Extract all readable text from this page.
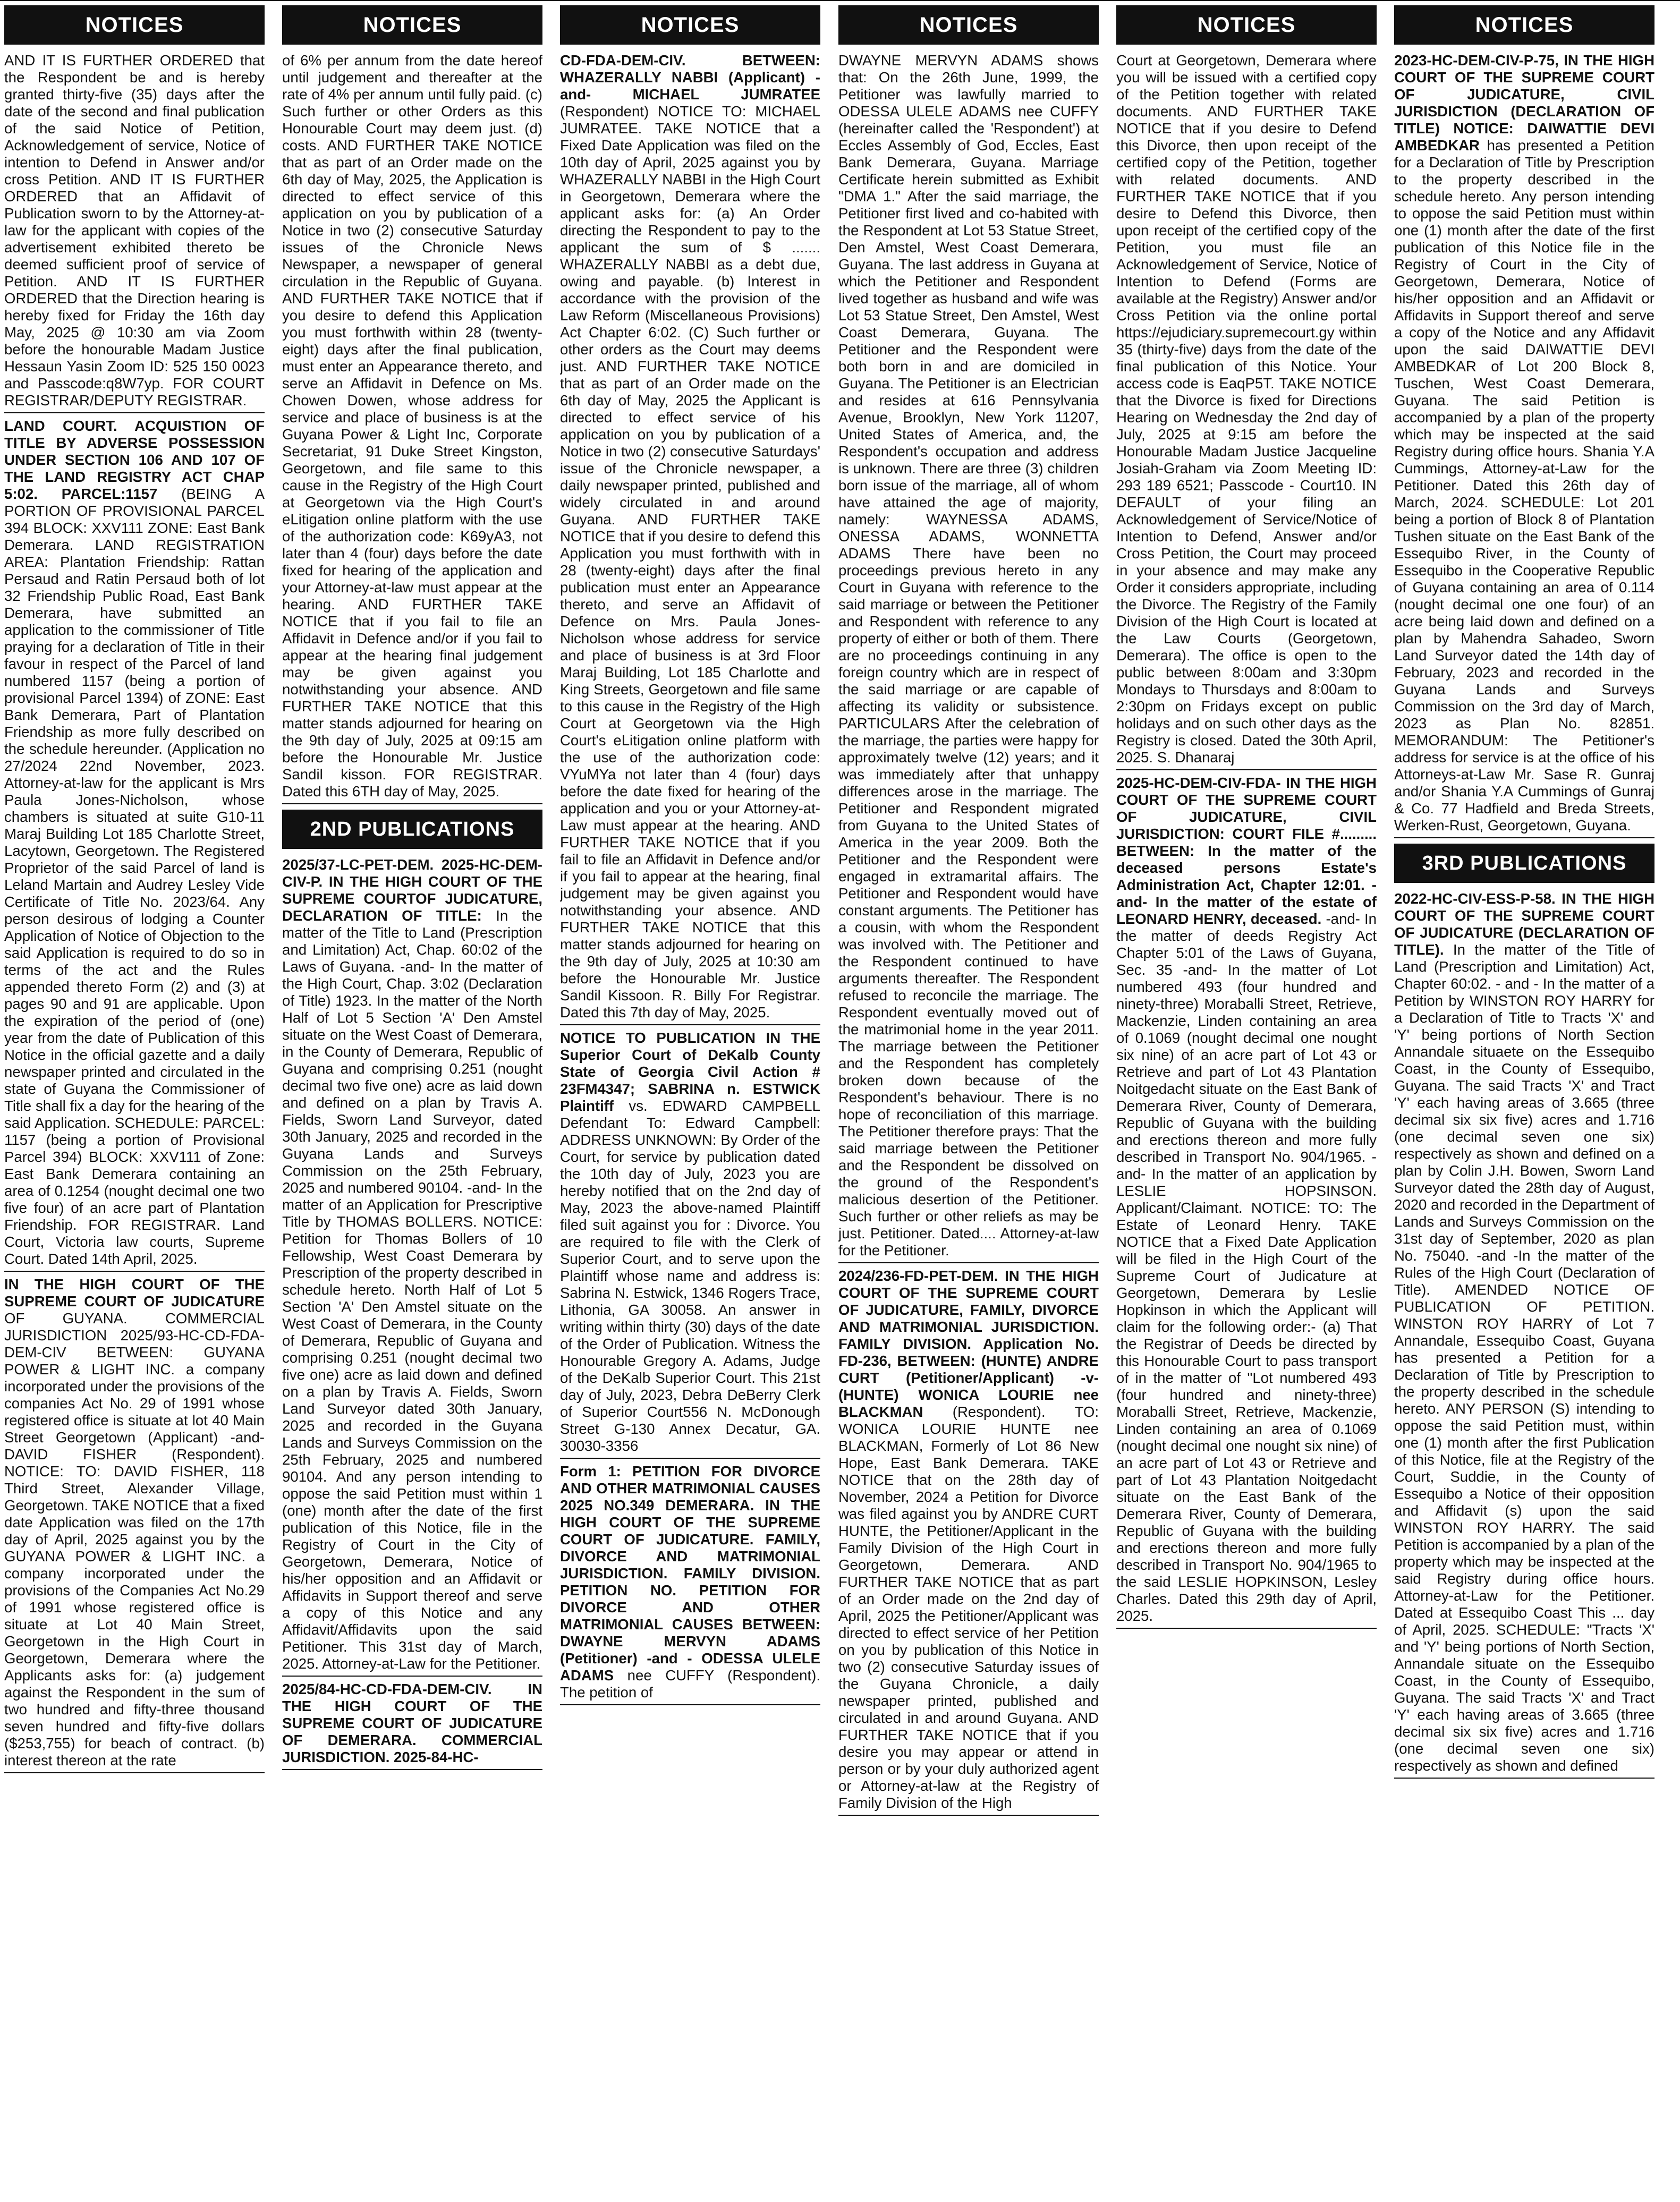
NOTICES
AND IT IS FURTHER ORDERED that the Respondent be and is hereby granted thirty-five (35) days after the date of the second and final publication of the said Notice of Petition, Acknowledgement of service, Notice of intention to Defend in Answer and/or cross Petition. AND IT IS FURTHER ORDERED that an Affidavit of Publication sworn to by the Attorney-at-law for the applicant with copies of the advertisement exhibited thereto be deemed sufficient proof of service of Petition. AND IT IS FURTHER ORDERED that the Direction hearing is hereby fixed for Friday the 16th day May, 2025 @ 10:30 am via Zoom before the honourable Madam Justice Hessaun Yasin Zoom ID: 525 150 0023 and Passcode:q8W7yp. FOR COURT REGISTRAR/DEPUTY REGISTRAR.
LAND COURT. ACQUISTION OF TITLE BY ADVERSE POSSESSION UNDER SECTION 106 AND 107 OF THE LAND REGISTRY ACT CHAP 5:02. PARCEL:1157 (BEING A PORTION OF PROVISIONAL PARCEL 394 BLOCK: XXV111 ZONE: East Bank Demerara. LAND REGISTRATION AREA: Plantation Friendship: Rattan Persaud and Ratin Persaud both of lot 32 Friendship Public Road, East Bank Demerara, have submitted an application to the commissioner of Title praying for a declaration of Title in their favour in respect of the Parcel of land numbered 1157 (being a portion of provisional Parcel 1394) of ZONE: East Bank Demerara, Part of Plantation Friendship as more fully described on the schedule hereunder. (Application no 27/2024 22nd November, 2023. Attorney-at-law for the applicant is Mrs Paula Jones-Nicholson, whose chambers is situated at suite G10-11 Maraj Building Lot 185 Charlotte Street, Lacytown, Georgetown. The Registered Proprietor of the said Parcel of land is Leland Martain and Audrey Lesley Vide Certificate of Title No. 2023/64. Any person desirous of lodging a Counter Application of Notice of Objection to the said Application is required to do so in terms of the act and the Rules appended thereto Form (2) and (3) at pages 90 and 91 are applicable. Upon the expiration of the period of (one) year from the date of Publication of this Notice in the official gazette and a daily newspaper printed and circulated in the state of Guyana the Commissioner of Title shall fix a day for the hearing of the said Application. SCHEDULE: PARCEL: 1157 (being a portion of Provisional Parcel 394) BLOCK: XXV111 of Zone: East Bank Demerara containing an area of 0.1254 (nought decimal one two five four) of an acre part of Plantation Friendship. FOR REGISTRAR. Land Court, Victoria law courts, Supreme Court. Dated 14th April, 2025.
IN THE HIGH COURT OF THE SUPREME COURT OF JUDICATURE OF GUYANA. COMMERCIAL JURISDICTION 2025/93-HC-CD-FDA-DEM-CIV BETWEEN: GUYANA POWER & LIGHT INC. a company incorporated under the provisions of the companies Act No. 29 of 1991 whose registered office is situate at lot 40 Main Street Georgetown (Applicant) -and- DAVID FISHER (Respondent). NOTICE: TO: DAVID FISHER, 118 Third Street, Alexander Village, Georgetown. TAKE NOTICE that a fixed date Application was filed on the 17th day of April, 2025 against you by the GUYANA POWER & LIGHT INC. a company incorporated under the provisions of the Companies Act No.29 of 1991 whose registered office is situate at Lot 40 Main Street, Georgetown in the High Court in Georgetown, Demerara where the Applicants asks for: (a) judgement against the Respondent in the sum of two hundred and fifty-three thousand seven hundred and fifty-five dollars ($253,755) for beach of contract. (b) interest thereon at the rate
NOTICES
of 6% per annum from the date hereof until judgement and thereafter at the rate of 4% per annum until fully paid. (c) Such further or other Orders as this Honourable Court may deem just. (d) costs. AND FURTHER TAKE NOTICE that as part of an Order made on the 6th day of May, 2025, the Application is directed to effect service of this application on you by publication of a Notice in two (2) consecutive Saturday issues of the Chronicle News Newspaper, a newspaper of general circulation in the Republic of Guyana. AND FURTHER TAKE NOTICE that if you desire to defend this Application you must forthwith within 28 (twenty-eight) days after the final publication, must enter an Appearance thereto, and serve an Affidavit in Defence on Ms. Chowen Dowen, whose address for service and place of business is at the Guyana Power & Light Inc, Corporate Secretariat, 91 Duke Street Kingston, Georgetown, and file same to this cause in the Registry of the High Court at Georgetown via the High Court's eLitigation online platform with the use of the authorization code: K69yA3, not later than 4 (four) days before the date fixed for hearing of the application and your Attorney-at-law must appear at the hearing. AND FURTHER TAKE NOTICE that if you fail to file an Affidavit in Defence and/or if you fail to appear at the hearing final judgement may be given against you notwithstanding your absence. AND FURTHER TAKE NOTICE that this matter stands adjourned for hearing on the 9th day of July, 2025 at 09:15 am before the Honourable Mr. Justice Sandil kisson. FOR REGISTRAR. Dated this 6TH day of May, 2025.
2ND PUBLICATIONS
2025/37-LC-PET-DEM. 2025-HC-DEM-CIV-P. IN THE HIGH COURT OF THE SUPREME COURTOF JUDICATURE, DECLARATION OF TITLE: In the matter of the Title to Land (Prescription and Limitation) Act, Chap. 60:02 of the Laws of Guyana. -and- In the matter of the High Court, Chap. 3:02 (Declaration of Title) 1923. In the matter of the North Half of Lot 5 Section 'A' Den Amstel situate on the West Coast of Demerara, in the County of Demerara, Republic of Guyana and comprising 0.251 (nought decimal two five one) acre as laid down and defined on a plan by Travis A. Fields, Sworn Land Surveyor, dated 30th January, 2025 and recorded in the Guyana Lands and Surveys Commission on the 25th February, 2025 and numbered 90104. -and- In the matter of an Application for Prescriptive Title by THOMAS BOLLERS. NOTICE: Petition for Thomas Bollers of 10 Fellowship, West Coast Demerara by Prescription of the property described in schedule hereto. North Half of Lot 5 Section 'A' Den Amstel situate on the West Coast of Demerara, in the County of Demerara, Republic of Guyana and comprising 0.251 (nought decimal two five one) acre as laid down and defined on a plan by Travis A. Fields, Sworn Land Surveyor dated 30th January, 2025 and recorded in the Guyana Lands and Surveys Commission on the 25th February, 2025 and numbered 90104. And any person intending to oppose the said Petition must within 1 (one) month after the date of the first publication of this Notice, file in the Registry of Court in the City of Georgetown, Demerara, Notice of his/her opposition and an Affidavit or Affidavits in Support thereof and serve a copy of this Notice and any Affidavit/Affidavits upon the said Petitioner. This 31st day of March, 2025. Attorney-at-Law for the Petitioner.
2025/84-HC-CD-FDA-DEM-CIV. IN THE HIGH COURT OF THE SUPREME COURT OF JUDICATURE OF DEMERARA. COMMERCIAL JURISDICTION. 2025-84-HC-
NOTICES
CD-FDA-DEM-CIV. BETWEEN: WHAZERALLY NABBI (Applicant) -and- MICHAEL JUMRATEE (Respondent) NOTICE TO: MICHAEL JUMRATEE. TAKE NOTICE that a Fixed Date Application was filed on the 10th day of April, 2025 against you by WHAZERALLY NABBI in the High Court in Georgetown, Demerara where the applicant asks for: (a) An Order directing the Respondent to pay to the applicant the sum of $ ....... WHAZERALLY NABBI as a debt due, owing and payable. (b) Interest in accordance with the provision of the Law Reform (Miscellaneous Provisions) Act Chapter 6:02. (C) Such further or other orders as the Court may deems just. AND FURTHER TAKE NOTICE that as part of an Order made on the 6th day of May, 2025 the Applicant is directed to effect service of his application on you by publication of a Notice in two (2) consecutive Saturdays' issue of the Chronicle newspaper, a daily newspaper printed, published and widely circulated in and around Guyana. AND FURTHER TAKE NOTICE that if you desire to defend this Application you must forthwith with in 28 (twenty-eight) days after the final publication must enter an Appearance thereto, and serve an Affidavit of Defence on Mrs. Paula Jones-Nicholson whose address for service and place of business is at 3rd Floor Maraj Building, Lot 185 Charlotte and King Streets, Georgetown and file same to this cause in the Registry of the High Court at Georgetown via the High Court's eLitigation online platform with the use of the authorization code: VYuMYa not later than 4 (four) days before the date fixed for hearing of the application and you or your Attorney-at-Law must appear at the hearing. AND FURTHER TAKE NOTICE that if you fail to file an Affidavit in Defence and/or if you fail to appear at the hearing, final judgement may be given against you notwithstanding your absence. AND FURTHER TAKE NOTICE that this matter stands adjourned for hearing on the 9th day of July, 2025 at 10:30 am before the Honourable Mr. Justice Sandil Kissoon. R. Billy For Registrar. Dated this 7th day of May, 2025.
NOTICE TO PUBLICATION IN THE Superior Court of DeKalb County State of Georgia Civil Action # 23FM4347; SABRINA n. ESTWICK Plaintiff vs. EDWARD CAMPBELL Defendant To: Edward Campbell: ADDRESS UNKNOWN: By Order of the Court, for service by publication dated the 10th day of July, 2023 you are hereby notified that on the 2nd day of May, 2023 the above-named Plaintiff filed suit against you for : Divorce. You are required to file with the Clerk of Superior Court, and to serve upon the Plaintiff whose name and address is: Sabrina N. Estwick, 1346 Rogers Trace, Lithonia, GA 30058. An answer in writing within thirty (30) days of the date of the Order of Publication. Witness the Honourable Gregory A. Adams, Judge of the DeKalb Superior Court. This 21st day of July, 2023, Debra DeBerry Clerk of Superior Court556 N. McDonough Street G-130 Annex Decatur, GA. 30030-3356
Form 1: PETITION FOR DIVORCE AND OTHER MATRIMONIAL CAUSES 2025 NO.349 DEMERARA. IN THE HIGH COURT OF THE SUPREME COURT OF JUDICATURE. FAMILY, DIVORCE AND MATRIMONIAL JURISDICTION. FAMILY DIVISION. PETITION NO. PETITION FOR DIVORCE AND OTHER MATRIMONIAL CAUSES BETWEEN: DWAYNE MERVYN ADAMS (Petitioner) -and - ODESSA ULELE ADAMS nee CUFFY (Respondent). The petition of
NOTICES
DWAYNE MERVYN ADAMS shows that: On the 26th June, 1999, the Petitioner was lawfully married to ODESSA ULELE ADAMS nee CUFFY (hereinafter called the 'Respondent') at Eccles Assembly of God, Eccles, East Bank Demerara, Guyana. Marriage Certificate herein submitted as Exhibit "DMA 1." After the said marriage, the Petitioner first lived and co-habited with the Respondent at Lot 53 Statue Street, Den Amstel, West Coast Demerara, Guyana. The last address in Guyana at which the Petitioner and Respondent lived together as husband and wife was Lot 53 Statue Street, Den Amstel, West Coast Demerara, Guyana. The Petitioner and the Respondent were both born in and are domiciled in Guyana. The Petitioner is an Electrician and resides at 616 Pennsylvania Avenue, Brooklyn, New York 11207, United States of America, and, the Respondent's occupation and address is unknown. There are three (3) children born issue of the marriage, all of whom have attained the age of majority, namely: WAYNESSA ADAMS, ONESSA ADAMS, WONNETTA ADAMS There have been no proceedings previous hereto in any Court in Guyana with reference to the said marriage or between the Petitioner and Respondent with reference to any property of either or both of them. There are no proceedings continuing in any foreign country which are in respect of the said marriage or are capable of affecting its validity or subsistence. PARTICULARS After the celebration of the marriage, the parties were happy for approximately twelve (12) years; and it was immediately after that unhappy differences arose in the marriage. The Petitioner and Respondent migrated from Guyana to the United States of America in the year 2009. Both the Petitioner and the Respondent were engaged in extramarital affairs. The Petitioner and Respondent would have constant arguments. The Petitioner has a cousin, with whom the Respondent was involved with. The Petitioner and the Respondent continued to have arguments thereafter. The Respondent refused to reconcile the marriage. The Respondent eventually moved out of the matrimonial home in the year 2011. The marriage between the Petitioner and the Respondent has completely broken down because of the Respondent's behaviour. There is no hope of reconciliation of this marriage. The Petitioner therefore prays: That the said marriage between the Petitioner and the Respondent be dissolved on the ground of the Respondent's malicious desertion of the Petitioner. Such further or other reliefs as may be just. Petitioner. Dated.... Attorney-at-law for the Petitioner.
2024/236-FD-PET-DEM. IN THE HIGH COURT OF THE SUPREME COURT OF JUDICATURE, FAMILY, DIVORCE AND MATRIMONIAL JURISDICTION. FAMILY DIVISION. Application No. FD-236, BETWEEN: (HUNTE) ANDRE CURT (Petitioner/Applicant) -v- (HUNTE) WONICA LOURIE nee BLACKMAN (Respondent). TO: WONICA LOURIE HUNTE nee BLACKMAN, Formerly of Lot 86 New Hope, East Bank Demerara. TAKE NOTICE that on the 28th day of November, 2024 a Petition for Divorce was filed against you by ANDRE CURT HUNTE, the Petitioner/Applicant in the Family Division of the High Court in Georgetown, Demerara. AND FURTHER TAKE NOTICE that as part of an Order made on the 2nd day of April, 2025 the Petitioner/Applicant was directed to effect service of her Petition on you by publication of this Notice in two (2) consecutive Saturday issues of the Guyana Chronicle, a daily newspaper printed, published and circulated in and around Guyana. AND FURTHER TAKE NOTICE that if you desire you may appear or attend in person or by your duly authorized agent or Attorney-at-law at the Registry of Family Division of the High
NOTICES
Court at Georgetown, Demerara where you will be issued with a certified copy of the Petition together with related documents. AND FURTHER TAKE NOTICE that if you desire to Defend this Divorce, then upon receipt of the certified copy of the Petition, together with related documents. AND FURTHER TAKE NOTICE that if you desire to Defend this Divorce, then upon receipt of the certified copy of the Petition, you must file an Acknowledgement of Service, Notice of Intention to Defend (Forms are available at the Registry) Answer and/or Cross Petition via the online portal https://ejudiciary.supremecourt.gy within 35 (thirty-five) days from the date of the final publication of this Notice. Your access code is EaqP5T. TAKE NOTICE that the Divorce is fixed for Directions Hearing on Wednesday the 2nd day of July, 2025 at 9:15 am before the Honourable Madam Justice Jacqueline Josiah-Graham via Zoom Meeting ID: 293 189 6521; Passcode - Court10. IN DEFAULT of your filing an Acknowledgement of Service/Notice of Intention to Defend, Answer and/or Cross Petition, the Court may proceed in your absence and may make any Order it considers appropriate, including the Divorce. The Registry of the Family Division of the High Court is located at the Law Courts (Georgetown, Demerara). The office is open to the public between 8:00am and 3:30pm Mondays to Thursdays and 8:00am to 2:30pm on Fridays except on public holidays and on such other days as the Registry is closed. Dated the 30th April, 2025. S. Dhanaraj
2025-HC-DEM-CIV-FDA- IN THE HIGH COURT OF THE SUPREME COURT OF JUDICATURE, CIVIL JURISDICTION: COURT FILE #......... BETWEEN: In the matter of the deceased persons Estate's Administration Act, Chapter 12:01. -and- In the matter of the estate of LEONARD HENRY, deceased. -and- In the matter of deeds Registry Act Chapter 5:01 of the Laws of Guyana, Sec. 35 -and- In the matter of Lot numbered 493 (four hundred and ninety-three) Moraballi Street, Retrieve, Mackenzie, Linden containing an area of 0.1069 (nought decimal one nought six nine) of an acre part of Lot 43 or Retrieve and part of Lot 43 Plantation Noitgedacht situate on the East Bank of Demerara River, County of Demerara, Republic of Guyana with the building and erections thereon and more fully described in Transport No. 904/1965. -and- In the matter of an application by LESLIE HOPSINSON. Applicant/Claimant. NOTICE: TO: The Estate of Leonard Henry. TAKE NOTICE that a Fixed Date Application will be filed in the High Court of the Supreme Court of Judicature at Georgetown, Demerara by Leslie Hopkinson in which the Applicant will claim for the following order:- (a) That the Registrar of Deeds be directed by this Honourable Court to pass transport of in the matter of "Lot numbered 493 (four hundred and ninety-three) Moraballi Street, Retrieve, Mackenzie, Linden containing an area of 0.1069 (nought decimal one nought six nine) of an acre part of Lot 43 or Retrieve and part of Lot 43 Plantation Noitgedacht situate on the East Bank of the Demerara River, County of Demerara, Republic of Guyana with the building and erections thereon and more fully described in Transport No. 904/1965 to the said LESLIE HOPKINSON, Lesley Charles. Dated this 29th day of April, 2025.
NOTICES
2023-HC-DEM-CIV-P-75, IN THE HIGH COURT OF THE SUPREME COURT OF JUDICATURE, CIVIL JURISDICTION (DECLARATION OF TITLE) NOTICE: DAIWATTIE DEVI AMBEDKAR has presented a Petition for a Declaration of Title by Prescription to the property described in the schedule hereto. Any person intending to oppose the said Petition must within one (1) month after the date of the first publication of this Notice file in the Registry of Court in the City of Georgetown, Demerara, Notice of his/her opposition and an Affidavit or Affidavits in Support thereof and serve a copy of the Notice and any Affidavit upon the said DAIWATTIE DEVI AMBEDKAR of Lot 200 Block 8, Tuschen, West Coast Demerara, Guyana. The said Petition is accompanied by a plan of the property which may be inspected at the said Registry during office hours. Shania Y.A Cummings, Attorney-at-Law for the Petitioner. Dated this 26th day of March, 2024. SCHEDULE: Lot 201 being a portion of Block 8 of Plantation Tushen situate on the East Bank of the Essequibo River, in the County of Essequibo in the Cooperative Republic of Guyana containing an area of 0.114 (nought decimal one one four) of an acre being laid down and defined on a plan by Mahendra Sahadeo, Sworn Land Surveyor dated the 14th day of February, 2023 and recorded in the Guyana Lands and Surveys Commission on the 3rd day of March, 2023 as Plan No. 82851. MEMORANDUM: The Petitioner's address for service is at the office of his Attorneys-at-Law Mr. Sase R. Gunraj and/or Shania Y.A Cummings of Gunraj & Co. 77 Hadfield and Breda Streets, Werken-Rust, Georgetown, Guyana.
3RD PUBLICATIONS
2022-HC-CIV-ESS-P-58. IN THE HIGH COURT OF THE SUPREME COURT OF JUDICATURE (DECLARATION OF TITLE). In the matter of the Title of Land (Prescription and Limitation) Act, Chapter 60:02. - and - In the matter of a Petition by WINSTON ROY HARRY for a Declaration of Title to Tracts 'X' and 'Y' being portions of North Section Annandale situaete on the Essequibo Coast, in the County of Essequibo, Guyana. The said Tracts 'X' and Tract 'Y' each having areas of 3.665 (three decimal six six five) acres and 1.716 (one decimal seven one six) respectively as shown and defined on a plan by Colin J.H. Bowen, Sworn Land Surveyor dated the 28th day of August, 2020 and recorded in the Department of Lands and Surveys Commission on the 31st day of September, 2020 as plan No. 75040. -and -In the matter of the Rules of the High Court (Declaration of Title). AMENDED NOTICE OF PUBLICATION OF PETITION. WINSTON ROY HARRY of Lot 7 Annandale, Essequibo Coast, Guyana has presented a Petition for a Declaration of Title by Prescription to the property described in the schedule hereto. ANY PERSON (S) intending to oppose the said Petition must, within one (1) month after the first Publication of this Notice, file at the Registry of the Court, Suddie, in the County of Essequibo a Notice of their opposition and Affidavit (s) upon the said WINSTON ROY HARRY. The said Petition is accompanied by a plan of the property which may be inspected at the said Registry during office hours. Attorney-at-Law for the Petitioner. Dated at Essequibo Coast This ... day of April, 2025. SCHEDULE: "Tracts 'X' and 'Y' being portions of North Section, Annandale situate on the Essequibo Coast, in the County of Essequibo, Guyana. The said Tracts 'X' and Tract 'Y' each having areas of 3.665 (three decimal six six five) acres and 1.716 (one decimal seven one six) respectively as shown and defined
